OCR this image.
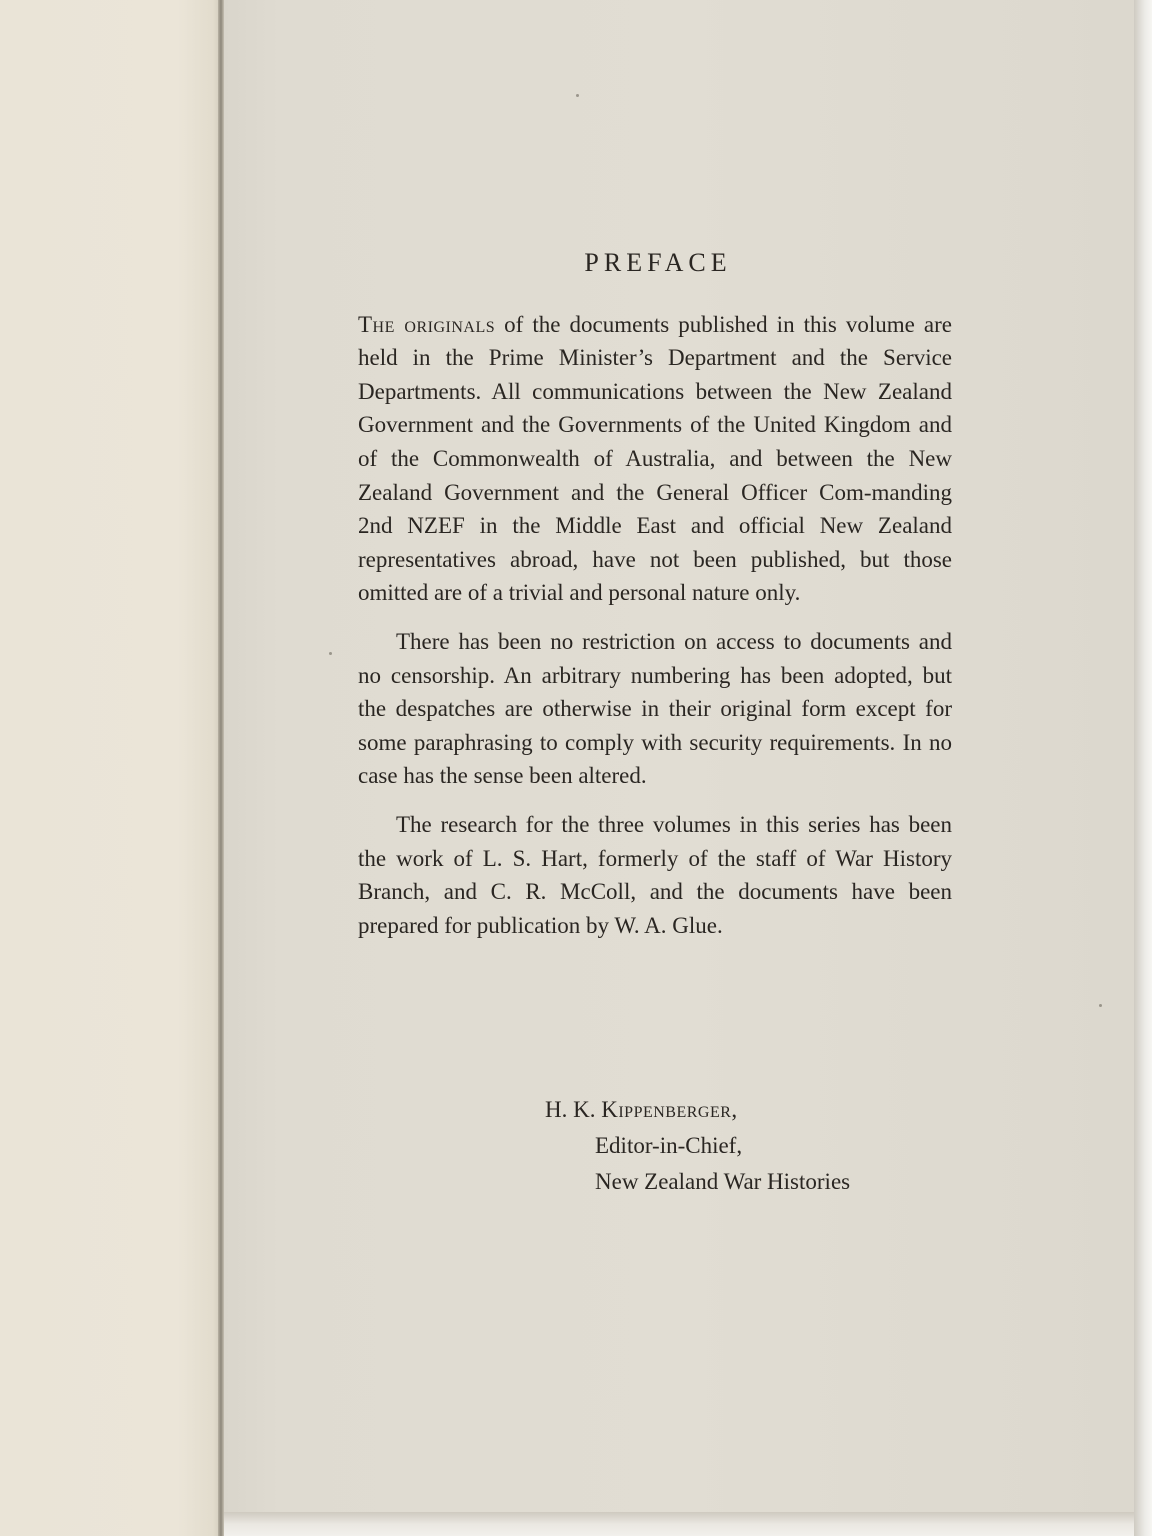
PREFACE

The originals of the documents published in this volume are held in the Prime Minister’s Department and the Service Departments. All communications between the New Zealand Government and the Governments of the United Kingdom and of the Commonwealth of Australia, and between the New Zealand Government and the General Officer Com-manding 2nd NZEF in the Middle East and official New Zealand representatives abroad, have not been published, but those omitted are of a trivial and personal nature only.

There has been no restriction on access to documents and no censorship. An arbitrary numbering has been adopted, but the despatches are otherwise in their original form except for some paraphrasing to comply with security requirements. In no case has the sense been altered.

The research for the three volumes in this series has been the work of L. S. Hart, formerly of the staff of War History Branch, and C. R. McColl, and the documents have been prepared for publication by W. A. Glue.

H. K. Kippenberger,
Editor-in-Chief,
New Zealand War Histories
